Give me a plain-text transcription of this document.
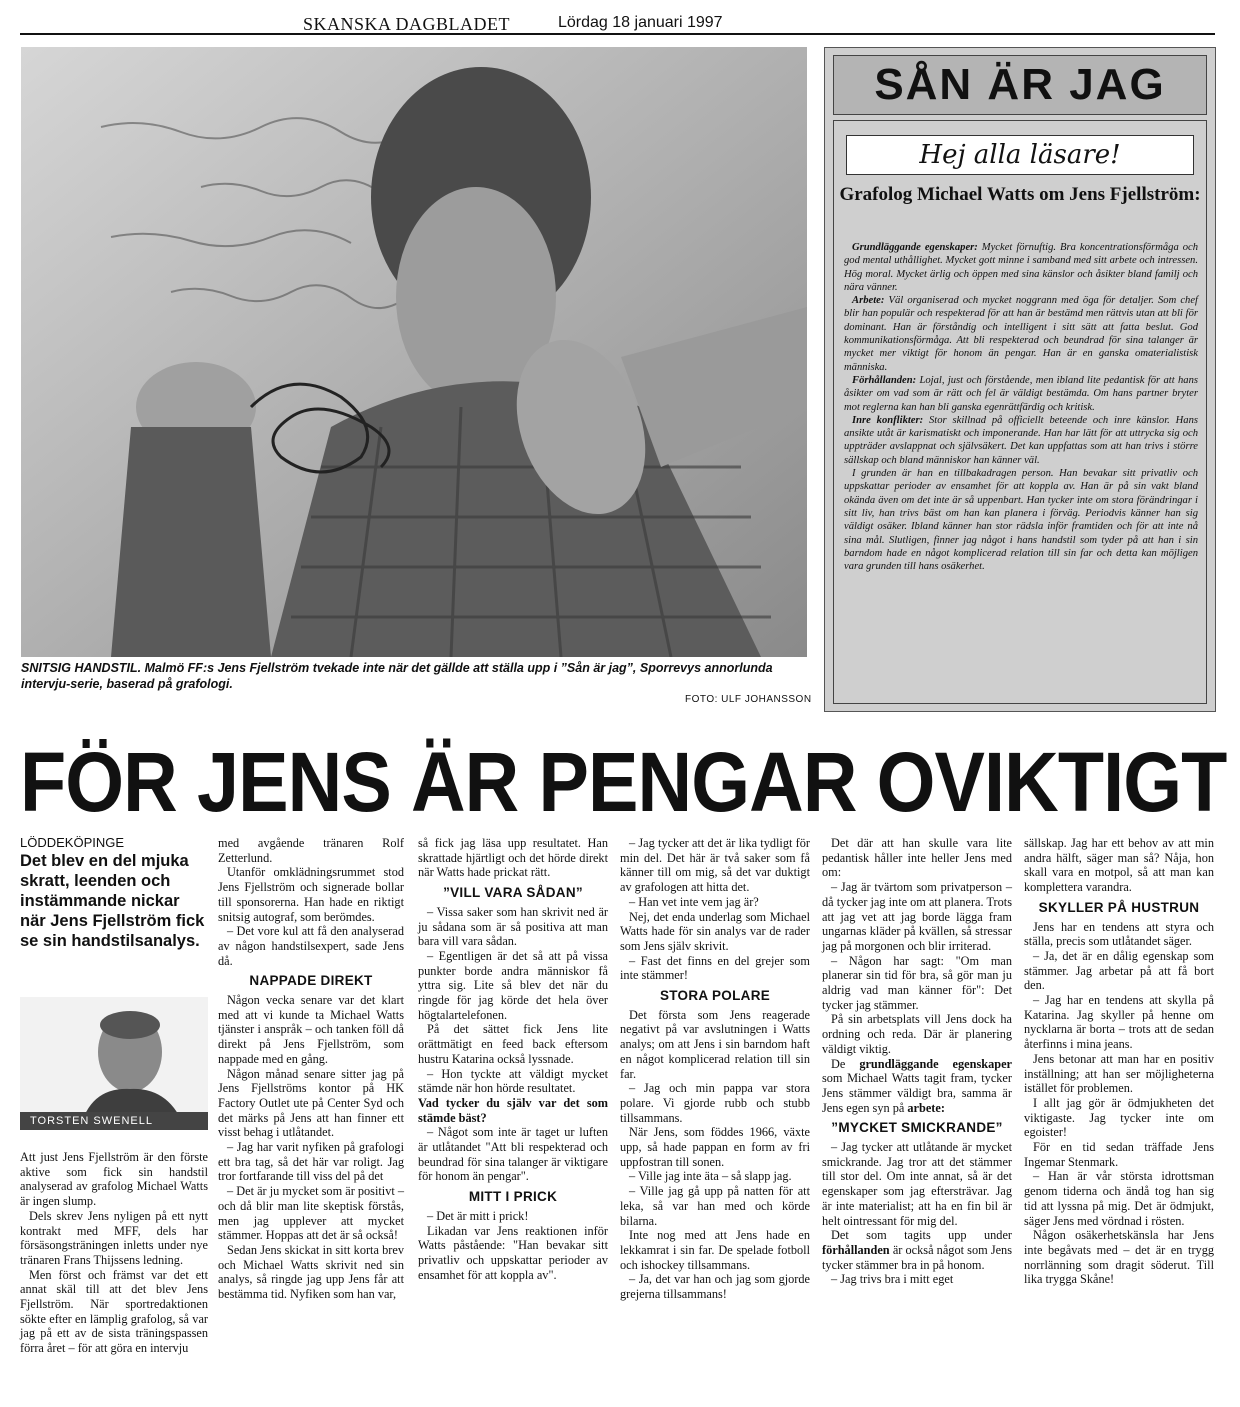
SKANSKA DAGBLADET	Lördag 18 januari 1997
SNITSIG HANDSTIL. Malmö FF:s Jens Fjellström tvekade inte när det gällde att ställa upp i ”Sån är jag”, Sporrevys annorlunda intervju-serie, baserad på grafologi.
FOTO: ULF JOHANSSON
SÅN ÄR JAG
Hej alla läsare!
Grafolog Michael Watts om Jens Fjellström:

Grundläggande egenskaper: Mycket förnuftig. Bra koncentrationsförmåga och god mental uthållighet. Mycket gott minne i samband med sitt arbete och intressen. Hög moral. Mycket ärlig och öppen med sina känslor och åsikter bland familj och nära vänner.

Arbete: Väl organiserad och mycket noggrann med öga för detaljer. Som chef blir han populär och respekterad för att han är bestämd men rättvis utan att bli för dominant. Han är förståndig och intelligent i sitt sätt att fatta beslut. God kommunikationsförmåga. Att bli respekterad och beundrad för sina talanger är mycket mer viktigt för honom än pengar. Han är en ganska omaterialistisk människa.

Förhållanden: Lojal, just och förstående, men ibland lite pedantisk för att hans åsikter om vad som är rätt och fel är väldigt bestämda. Om hans partner bryter mot reglerna kan han bli ganska egenrättfärdig och kritisk.

Inre konflikter: Stor skillnad på officiellt beteende och inre känslor. Hans ansikte utåt är karismatiskt och imponerande. Han har lätt för att uttrycka sig och uppträder avslappnat och självsäkert. Det kan uppfattas som att han trivs i större sällskap och bland människor han känner väl.

I grunden är han en tillbakadragen person. Han bevakar sitt privatliv och uppskattar perioder av ensamhet för att koppla av. Han är på sin vakt bland okända även om det inte är så uppenbart. Han tycker inte om stora förändringar i sitt liv, han trivs bäst om han kan planera i förväg. Periodvis känner han sig väldigt osäker. Ibland känner han stor rädsla inför framtiden och för att inte nå sina mål. Slutligen, finner jag något i hans handstil som tyder på att han i sin barndom hade en något komplicerad relation till sin far och detta kan möjligen vara grunden till hans osäkerhet.

FÖR JENS ÄR PENGAR OVIKTIGT
LÖDDEKÖPINGE
Det blev en del mjuka skratt, leenden och instämmande nickar när Jens Fjellström fick se sin handstilsanalys.
TORSTEN SWENELL

Att just Jens Fjellström är den förste aktive som fick sin handstil analyserad av grafolog Michael Watts är ingen slump.

Dels skrev Jens nyligen på ett nytt kontrakt med MFF, dels har försäsongsträningen inletts under nye tränaren Frans Thijssens ledning.

Men först och främst var det ett annat skäl till att det blev Jens Fjellström. När sportredaktionen sökte efter en lämplig grafolog, så var jag på ett av de sista träningspassen förra året – för att göra en intervju

med avgående tränaren Rolf Zetterlund.

Utanför omklädningsrummet stod Jens Fjellström och signerade bollar till sponsorerna. Han hade en riktigt snitsig autograf, som berömdes.

– Det vore kul att få den analyserad av någon handstilsexpert, sade Jens då.

NAPPADE DIREKT

Någon vecka senare var det klart med att vi kunde ta Michael Watts tjänster i anspråk – och tanken föll då direkt på Jens Fjellström, som nappade med en gång.

Någon månad senare sitter jag på Jens Fjellströms kontor på HK Factory Outlet ute på Center Syd och det märks på Jens att han finner ett visst behag i utlåtandet.

– Jag har varit nyfiken på grafologi ett bra tag, så det här var roligt. Jag tror fortfarande till viss del på det

– Det är ju mycket som är positivt – och då blir man lite skeptisk förstås, men jag upplever att mycket stämmer. Hoppas att det är så också!

Sedan Jens skickat in sitt korta brev och Michael Watts skrivit ned sin analys, så ringde jag upp Jens får att bestämma tid. Nyfiken som han var,

så fick jag läsa upp resultatet. Han skrattade hjärtligt och det hörde direkt när Watts hade prickat rätt.

”VILL VARA SÅDAN”

– Vissa saker som han skrivit ned är ju sådana som är så positiva att man bara vill vara sådan.

– Egentligen är det så att på vissa punkter borde andra människor få yttra sig. Lite så blev det när du ringde för jag körde det hela över högtalartelefonen.

På det sättet fick Jens lite orättmätigt en feed back eftersom hustru Katarina också lyssnade.

– Hon tyckte att väldigt mycket stämde när hon hörde resultatet.

Vad tycker du själv var det som stämde bäst?

– Något som inte är taget ur luften är utlåtandet "Att bli respekterad och beundrad för sina talanger är viktigare för honom än pengar".

MITT I PRICK

– Det är mitt i prick!

Likadan var Jens reaktionen inför Watts påstående: "Han bevakar sitt privatliv och uppskattar perioder av ensamhet för att koppla av".

– Jag tycker att det är lika tydligt för min del. Det här är två saker som få känner till om mig, så det var duktigt av grafologen att hitta det.

– Han vet inte vem jag är?

Nej, det enda underlag som Michael Watts hade för sin analys var de rader som Jens själv skrivit.

– Fast det finns en del grejer som inte stämmer!

STORA POLARE

Det första som Jens reagerade negativt på var avslutningen i Watts analys; om att Jens i sin barndom haft en något komplicerad relation till sin far.

– Jag och min pappa var stora polare. Vi gjorde rubb och stubb tillsammans.

När Jens, som föddes 1966, växte upp, så hade pappan en form av fri uppfostran till sonen.

– Ville jag inte äta – så slapp jag.

– Ville jag gå upp på natten för att leka, så var han med och körde bilarna.

Inte nog med att Jens hade en lekkamrat i sin far. De spelade fotboll och ishockey tillsammans.

– Ja, det var han och jag som gjorde grejerna tillsammans!

Det där att han skulle vara lite pedantisk håller inte heller Jens med om:

– Jag är tvärtom som privatperson – då tycker jag inte om att planera. Trots att jag vet att jag borde lägga fram ungarnas kläder på kvällen, så stressar jag på morgonen och blir irriterad.

– Någon har sagt: "Om man planerar sin tid för bra, så gör man ju aldrig vad man känner för": Det tycker jag stämmer.

På sin arbetsplats vill Jens dock ha ordning och reda. Där är planering väldigt viktig.

De grundläggande egenskaper som Michael Watts tagit fram, tycker Jens stämmer väldigt bra, samma är Jens egen syn på arbete:

”MYCKET SMICKRANDE”

– Jag tycker att utlåtande är mycket smickrande. Jag tror att det stämmer till stor del. Om inte annat, så är det egenskaper som jag eftersträvar. Jag är inte materialist; att ha en fin bil är helt ointressant för mig del.

Det som tagits upp under förhållanden är också något som Jens tycker stämmer bra in på honom.

– Jag trivs bra i mitt eget

sällskap. Jag har ett behov av att min andra hälft, säger man så? Nåja, hon skall vara en motpol, så att man kan komplettera varandra.

SKYLLER PÅ HUSTRUN

Jens har en tendens att styra och ställa, precis som utlåtandet säger.

– Ja, det är en dålig egenskap som stämmer. Jag arbetar på att få bort den.

– Jag har en tendens att skylla på Katarina. Jag skyller på henne om nycklarna är borta – trots att de sedan återfinns i mina jeans.

Jens betonar att man har en positiv inställning; att han ser möjligheterna istället för problemen.

I allt jag gör är ödmjukheten det viktigaste. Jag tycker inte om egoister!

För en tid sedan träffade Jens Ingemar Stenmark.

– Han är vår största idrottsman genom tiderna och ändå tog han sig tid att lyssna på mig. Det är ödmjukt, säger Jens med vördnad i rösten.

Någon osäkerhetskänsla har Jens inte begåvats med – det är en trygg norrlänning som dragit söderut. Till lika trygga Skåne!
